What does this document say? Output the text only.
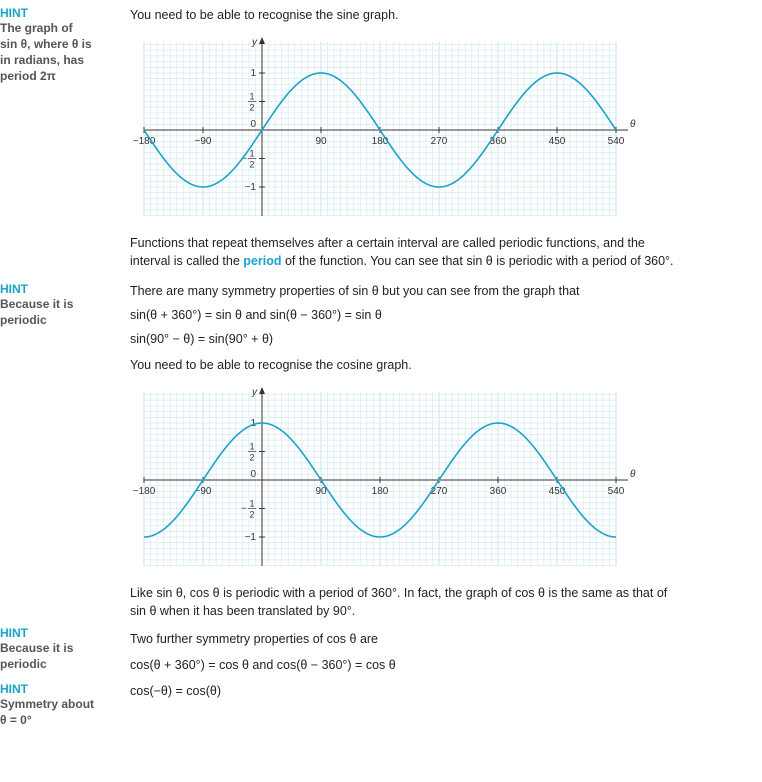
HINT
The graph of
sin θ, where θ is
in radians, has
period 2π
HINT
Because it is
periodic
HINT
Because it is
periodic
HINT
Symmetry about
θ = 0°
You need to be able to recognise the sine graph.
y
θ
−180	−90	90	180	270	360	450	540
1
1
2
0
− 1
2
−1
Functions that repeat themselves after a certain interval are called periodic functions, and the
interval is called the period of the function. You can see that sin θ is periodic with a period of 360°.
There are many symmetry properties of sin θ but you can see from the graph that
sin(θ + 360°) = sin θ and sin(θ − 360°) = sin θ
sin(90° − θ) = sin(90° + θ)
You need to be able to recognise the cosine graph.
y
θ
−180	−90	90	180	270	360	450	540
1
1
2
0
− 1
2
−1
Like sin θ, cos θ is periodic with a period of 360°. In fact, the graph of cos θ is the same as that of
sin θ when it has been translated by 90°.
Two further symmetry properties of cos θ are
cos(θ + 360°) = cos θ and cos(θ − 360°) = cos θ
cos(−θ) = cos(θ)
